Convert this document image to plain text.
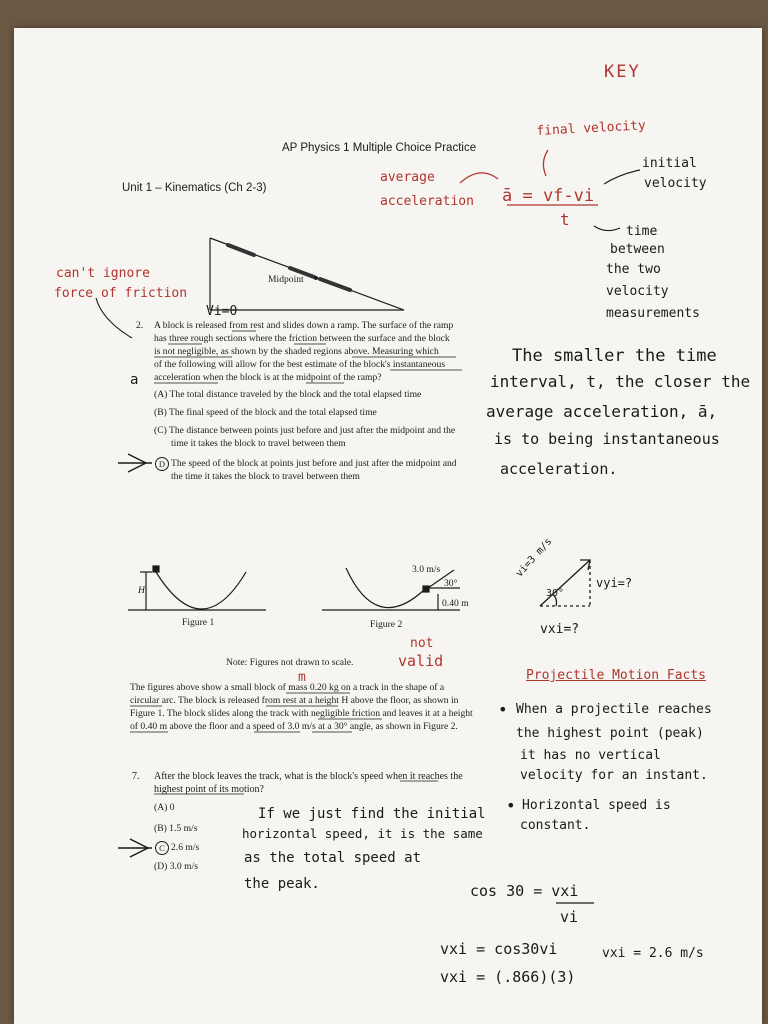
KEY
AP Physics 1 Multiple Choice Practice
Unit 1 – Kinematics (Ch 2-3)
final velocity
initial
velocity
average
acceleration ā = vf-vi
t
time
between
the two
velocity
measurements
Midpoint
can't ignore
force of friction
Vi=0
2. A block is released from rest and slides down a ramp. The surface of the ramp
has three rough sections where the friction between the surface and the block
is not negligible, as shown by the shaded regions above. Measuring which
of the following will allow for the best estimate of the block's instantaneous
acceleration when the block is at the midpoint of the ramp?
a
(A) The total distance traveled by the block and the total elapsed time
(B) The final speed of the block and the total elapsed time
(C) The distance between points just before and just after the midpoint and the
time it takes the block to travel between them
D The speed of the block at points just before and just after the midpoint and
the time it takes the block to travel between them
The smaller the time
interval, t, the closer the
average acceleration, ā,
is to being instantaneous
acceleration.
Figure 1	Figure 2
H
3.0 m/s
30°
0.40 m
vi=3 m/s
30°
vyi=?
vxi=?
Note: Figures not drawn to scale.
not
valid
m
The figures above show a small block of mass 0.20 kg on a track in the shape of a
circular arc. The block is released from rest at a height H above the floor, as shown in
Figure 1. The block slides along the track with negligible friction and leaves it at a height
of 0.40 m above the floor and a speed of 3.0 m/s at a 30° angle, as shown in Figure 2.
7. After the block leaves the track, what is the block's speed when it reaches the
highest point of its motion?
(A) 0
(B) 1.5 m/s
C 2.6 m/s
(D) 3.0 m/s
If we just find the initial
horizontal speed, it is the same
as the total speed at
the peak.
Projectile Motion Facts
• When a projectile reaches
the highest point (peak)
it has no vertical
velocity for an instant.
• Horizontal speed is
constant.
cos 30 = vxi
vi
vxi = cos30vi
vxi = (.866)(3)
vxi = 2.6 m/s
